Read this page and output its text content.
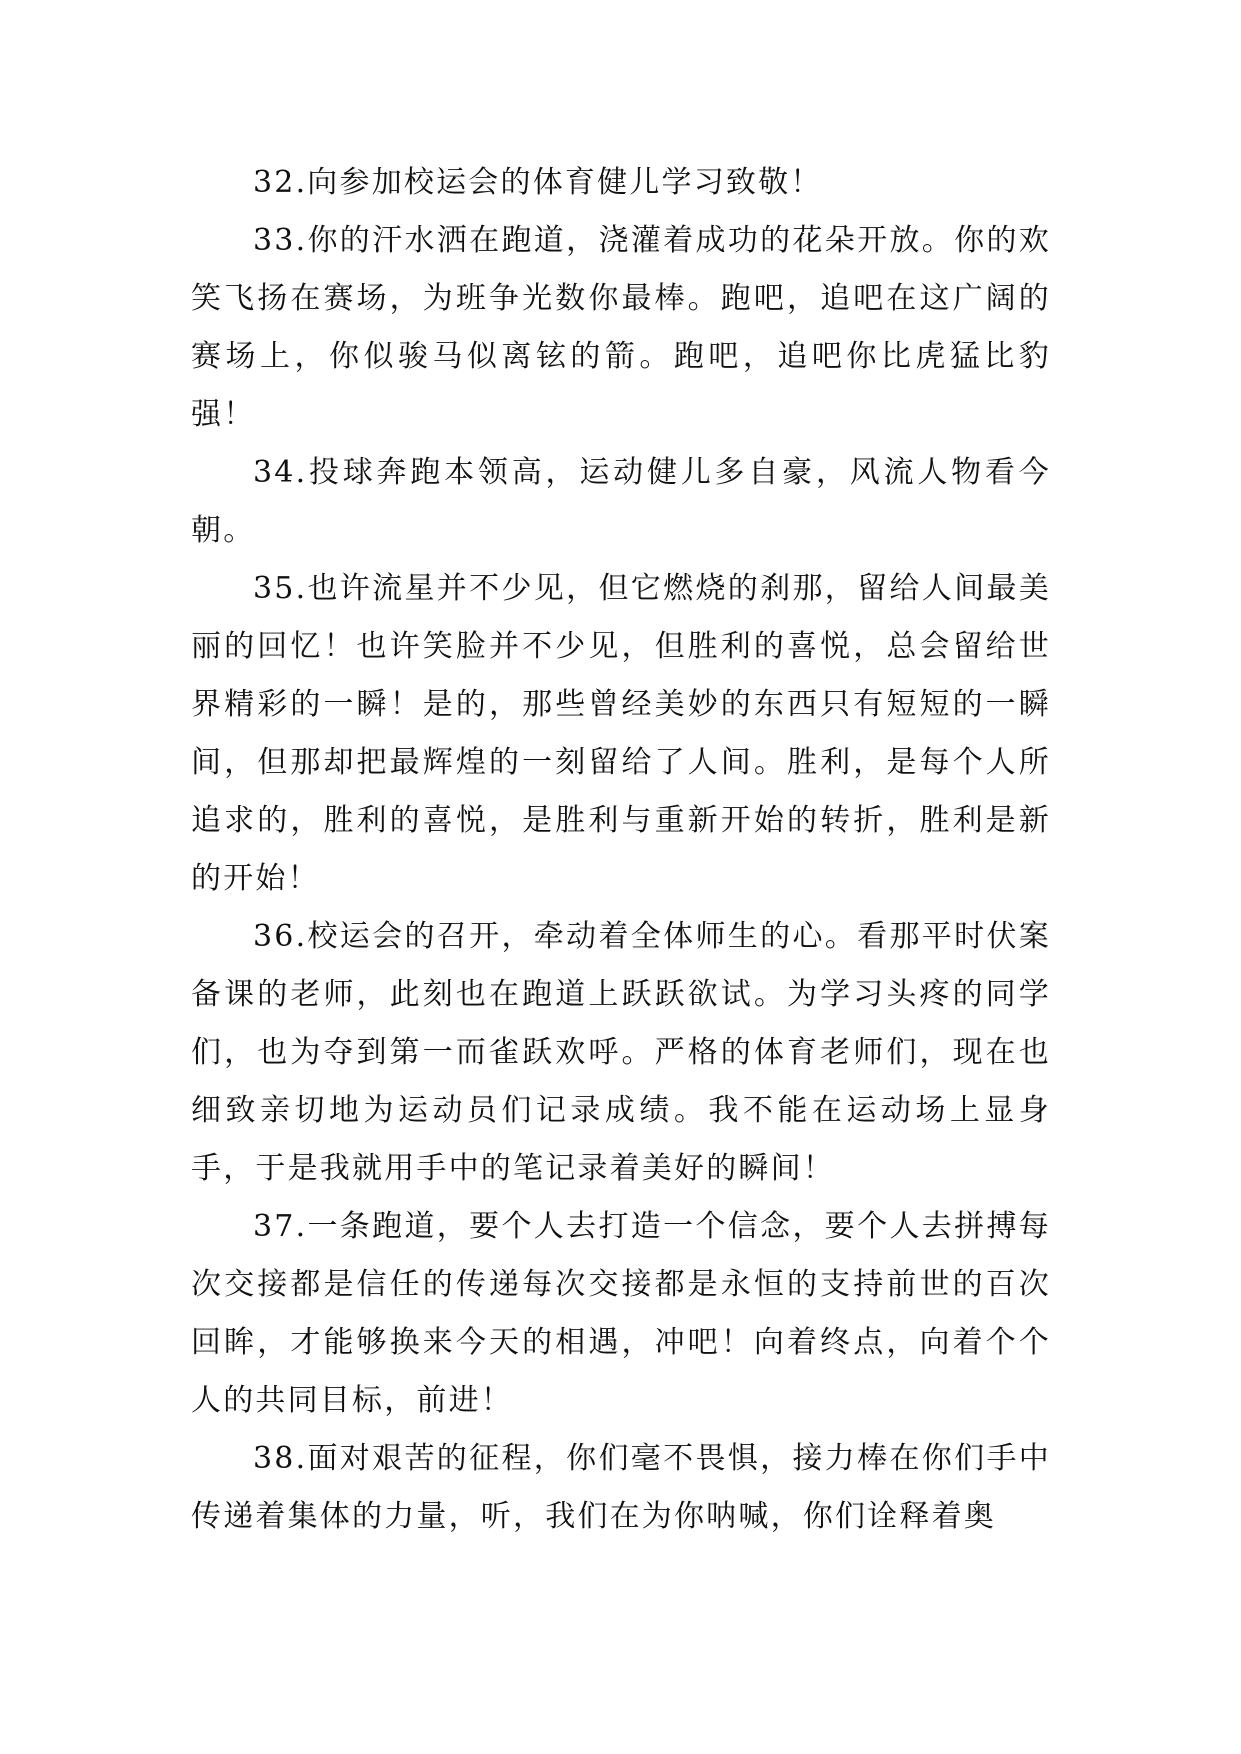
32.向参加校运会的体育健儿学习致敬！

33.你的汗水洒在跑道，浇灌着成功的花朵开放。你的欢笑飞扬在赛场，为班争光数你最棒。跑吧，追吧在这广阔的赛场上，你似骏马似离铉的箭。跑吧，追吧你比虎猛比豹强！

34.投球奔跑本领高，运动健儿多自豪，风流人物看今朝。

35.也许流星并不少见，但它燃烧的刹那，留给人间最美丽的回忆！也许笑脸并不少见，但胜利的喜悦，总会留给世界精彩的一瞬！是的，那些曾经美妙的东西只有短短的一瞬间，但那却把最辉煌的一刻留给了人间。胜利，是每个人所追求的，胜利的喜悦，是胜利与重新开始的转折，胜利是新的开始！

36.校运会的召开，牵动着全体师生的心。看那平时伏案备课的老师，此刻也在跑道上跃跃欲试。为学习头疼的同学们，也为夺到第一而雀跃欢呼。严格的体育老师们，现在也细致亲切地为运动员们记录成绩。我不能在运动场上显身手，于是我就用手中的笔记录着美好的瞬间！

37.一条跑道，要个人去打造一个信念，要个人去拼搏每次交接都是信任的传递每次交接都是永恒的支持前世的百次回眸，才能够换来今天的相遇，冲吧！向着终点，向着个个人的共同目标，前进！

38.面对艰苦的征程，你们毫不畏惧，接力棒在你们手中传递着集体的力量，听，我们在为你呐喊，你们诠释着奥
